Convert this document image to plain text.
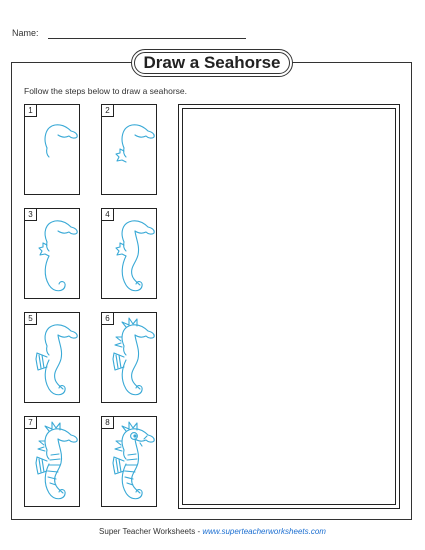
Name:
Draw a Seahorse
Follow the steps below to draw a seahorse.
1	2
3	4
5	6
7	8
Super Teacher Worksheets - www.superteacherworksheets.com
